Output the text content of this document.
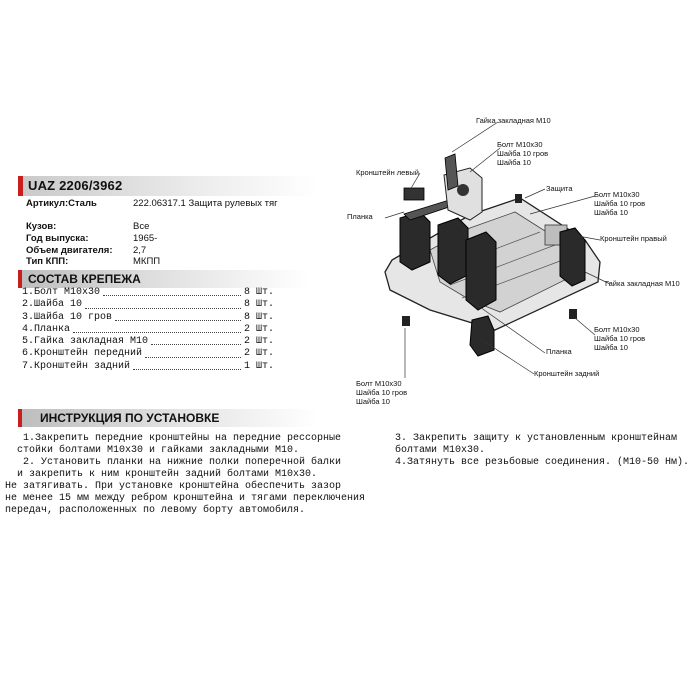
UAZ 2206/3962
Артикул:Сталь	222.06317.1 Защита рулевых тяг
Кузов:	Все
Год выпуска:	1965-
Объем двигателя: 2,7
Тип КПП:	МКПП
СОСТАВ КРЕПЕЖА
1.Болт М10х30	8 Шт.
2.Шайба 10	8 Шт.
3.Шайба 10 гров	8 Шт.
4.Планка	2 Шт.
5.Гайка закладная М10	2 Шт.
6.Кронштейн передний	2 Шт.
7.Кронштейн задний	1 Шт.
ИНСТРУКЦИЯ ПО УСТАНОВКЕ
1.Закрепить передние кронштейны на передние рессорные
стойки болтами М10х30 и гайками закладными М10.
2. Установить планки на нижние полки поперечной балки
и закрепить к ним кронштейн задний болтами М10х30.
Не затягивать. При установке кронштейна обеспечить зазор
не менее 15 мм между ребром кронштейна и тягами переключения
передач, расположенных по левому борту автомобиля.
3. Закрепить защиту к установленным кронштейнам
болтами М10х30.
4.Затянуть все резьбовые соединения. (М10-50 Нм).
Гайка закладная М10
Болт М10х30
Шайба 10 гров
Шайба 10
Кронштейн левый
Защита
Болт М10х30
Шайба 10 гров
Шайба 10
Планка
Кронштейн правый
Гайка закладная М10
Болт М10х30
Шайба 10 гров
Шайба 10
Планка
Кронштейн задний
Болт М10х30
Шайба 10 гров
Шайба 10
